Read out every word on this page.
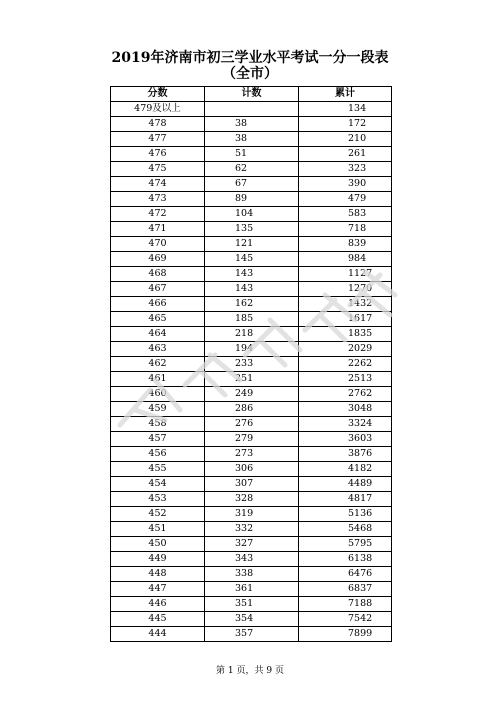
2019年济南市初三学业水平考试一分一段表
（全市）
分数	计数	累计
479及以上		134
478	38	172
477	38	210
476	51	261
475	62	323
474	67	390
473	89	479
472	104	583
471	135	718
470	121	839
469	145	984
468	143	1127
467	143	1270
466	162	1432
465	185	1617
464	218	1835
463	194	2029
462	233	2262
461	251	2513
460	249	2762
459	286	3048
458	276	3324
457	279	3603
456	273	3876
455	306	4182
454	307	4489
453	328	4817
452	319	5136
451	332	5468
450	327	5795
449	343	6138
448	338	6476
447	361	6837
446	351	7188
445	354	7542
444	357	7899
第 1 页，共 9 页
